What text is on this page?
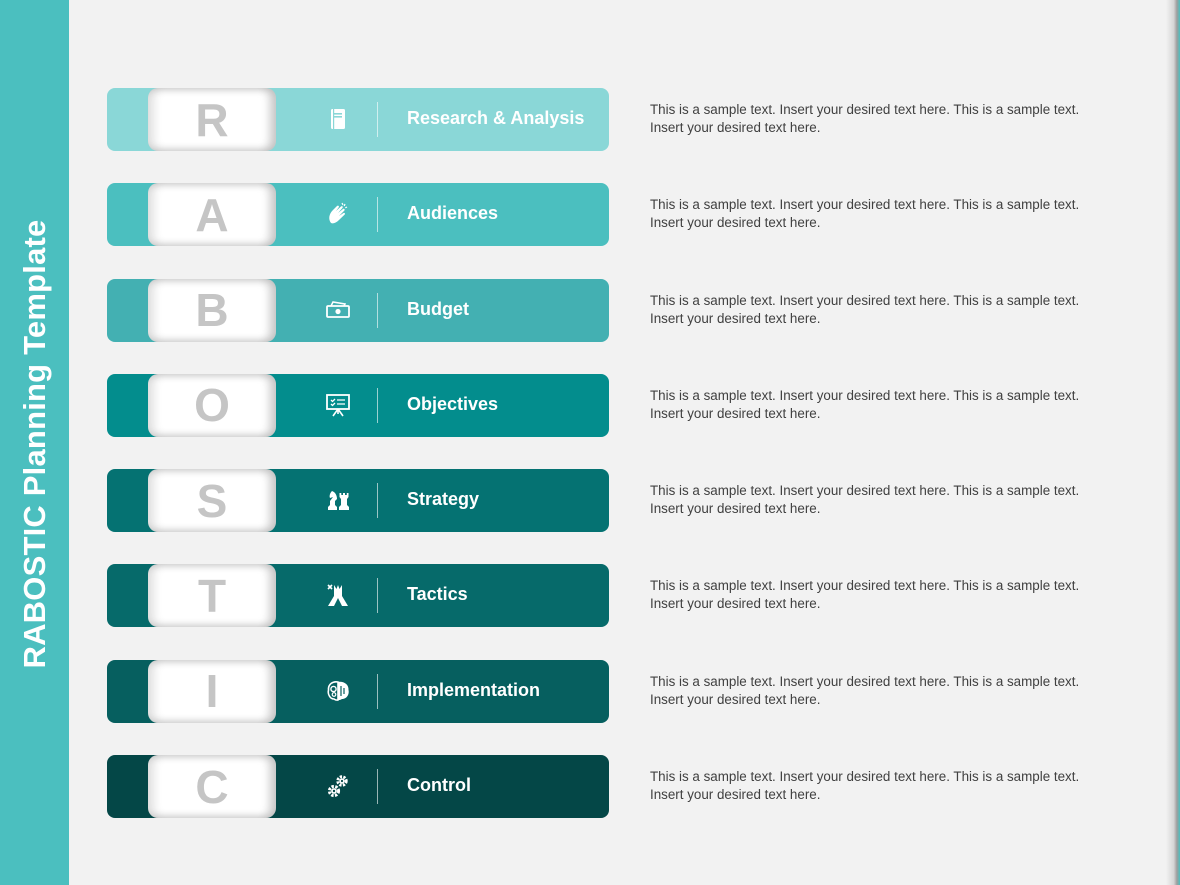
RABOSTIC Planning Template
R	Research & Analysis	This is a sample text. Insert your desired text here. This is a sample text. Insert your desired text here.
A	Audiences	This is a sample text. Insert your desired text here. This is a sample text. Insert your desired text here.
B	Budget	This is a sample text. Insert your desired text here. This is a sample text. Insert your desired text here.
O	Objectives	This is a sample text. Insert your desired text here. This is a sample text. Insert your desired text here.
S	Strategy	This is a sample text. Insert your desired text here. This is a sample text. Insert your desired text here.
T	Tactics	This is a sample text. Insert your desired text here. This is a sample text. Insert your desired text here.
I	Implementation	This is a sample text. Insert your desired text here. This is a sample text. Insert your desired text here.
C	Control	This is a sample text. Insert your desired text here. This is a sample text. Insert your desired text here.
